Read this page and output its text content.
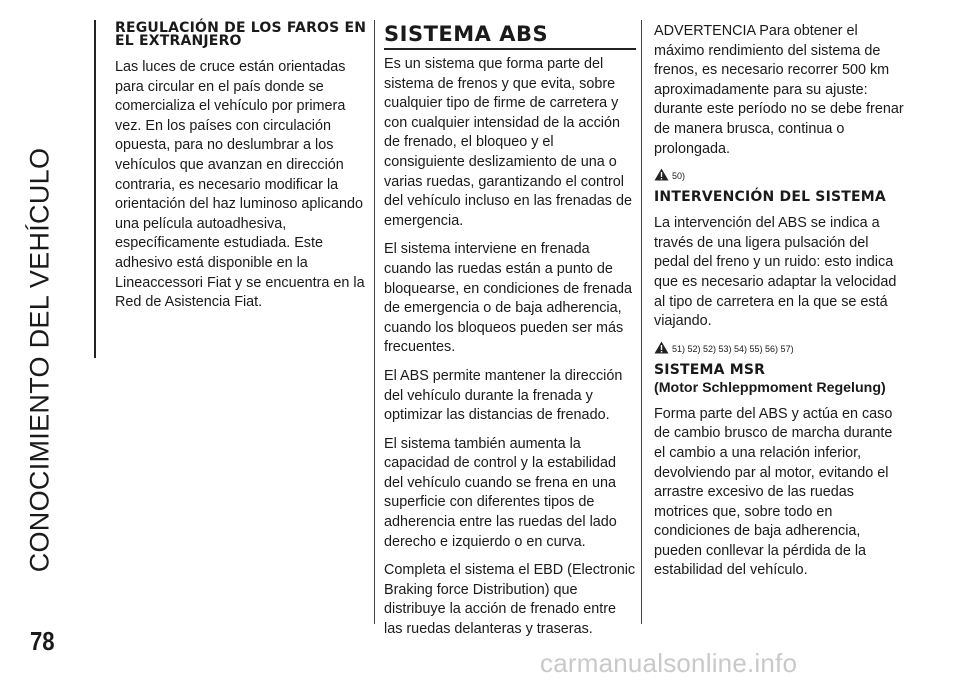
CONOCIMIENTO DEL VEHÍCULO
78
REGULACIÓN DE LOS FAROS EN EL EXTRANJERO

Las luces de cruce están orientadas para circular en el país donde se comercializa el vehículo por primera vez. En los países con circulación opuesta, para no deslumbrar a los vehículos que avanzan en dirección contraria, es necesario modificar la orientación del haz luminoso aplicando una película autoadhesiva, específicamente estudiada. Este adhesivo está disponible en la Lineaccessori Fiat y se encuentra en la Red de Asistencia Fiat.

SISTEMA ABS

Es un sistema que forma parte del sistema de frenos y que evita, sobre cualquier tipo de firme de carretera y con cualquier intensidad de la acción de frenado, el bloqueo y el consiguiente deslizamiento de una o varias ruedas, garantizando el control del vehículo incluso en las frenadas de emergencia.

El sistema interviene en frenada cuando las ruedas están a punto de bloquearse, en condiciones de frenada de emergencia o de baja adherencia, cuando los bloqueos pueden ser más frecuentes.

El ABS permite mantener la dirección del vehículo durante la frenada y optimizar las distancias de frenado.

El sistema también aumenta la capacidad de control y la estabilidad del vehículo cuando se frena en una superficie con diferentes tipos de adherencia entre las ruedas del lado derecho e izquierdo o en curva.

Completa el sistema el EBD (Electronic Braking force Distribution) que distribuye la acción de frenado entre las ruedas delanteras y traseras.

ADVERTENCIA Para obtener el máximo rendimiento del sistema de frenos, es necesario recorrer 500 km aproximadamente para su ajuste: durante este período no se debe frenar de manera brusca, continua o prolongada.

50)
INTERVENCIÓN DEL SISTEMA

La intervención del ABS se indica a través de una ligera pulsación del pedal del freno y un ruido: esto indica que es necesario adaptar la velocidad al tipo de carretera en la que se está viajando.

51) 52) 52) 53) 54) 55) 56) 57)
SISTEMA MSR
(Motor Schleppmoment Regelung)

Forma parte del ABS y actúa en caso de cambio brusco de marcha durante el cambio a una relación inferior, devolviendo par al motor, evitando el arrastre excesivo de las ruedas motrices que, sobre todo en condiciones de baja adherencia, pueden conllevar la pérdida de la estabilidad del vehículo.

carmanualsonline.info
